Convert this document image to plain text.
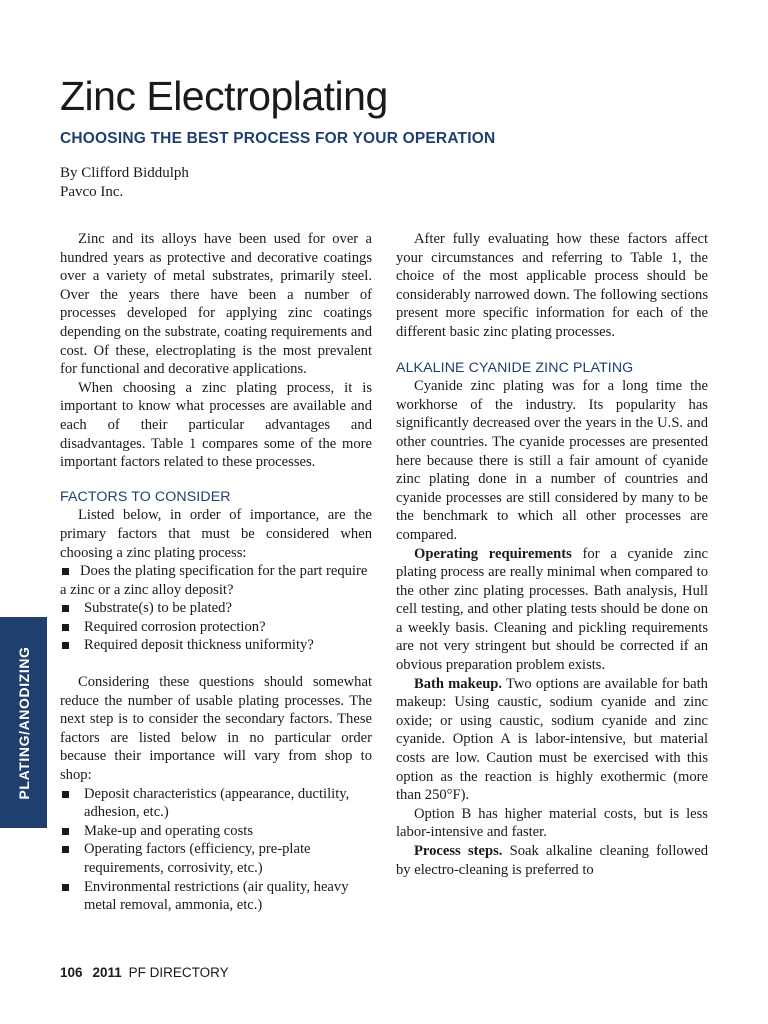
Zinc Electroplating
CHOOSING THE BEST PROCESS FOR YOUR OPERATION
By Clifford Biddulph
Pavco Inc.

Zinc and its alloys have been used for over a hundred years as protective and decorative coatings over a variety of metal substrates, primarily steel. Over the years there have been a number of processes developed for applying zinc coatings depending on the substrate, coating requirements and cost. Of these, electroplating is the most prevalent for functional and decorative applications.

When choosing a zinc plating process, it is important to know what processes are available and each of their particular advantages and disadvantages. Table 1 compares some of the more important factors related to these processes.

FACTORS TO CONSIDER

Listed below, in order of importance, are the primary factors that must be considered when choosing a zinc plating process:

Does the plating specification for the part require a zinc or a zinc alloy deposit?
Substrate(s) to be plated?
Required corrosion protection?
Required deposit thickness uniformity?

Considering these questions should somewhat reduce the number of usable plating processes. The next step is to consider the secondary factors. These factors are listed below in no particular order because their importance will vary from shop to shop:

Deposit characteristics (appearance, ductility, adhesion, etc.)
Make-up and operating costs
Operating factors (efficiency, pre-plate requirements, corrosivity, etc.)
Environmental restrictions (air quality, heavy metal removal, ammonia, etc.)

After fully evaluating how these factors affect your circumstances and referring to Table 1, the choice of the most applicable process should be considerably narrowed down. The following sections present more specific information for each of the different basic zinc plating processes.

ALKALINE CYANIDE ZINC PLATING

Cyanide zinc plating was for a long time the workhorse of the industry. Its popularity has significantly decreased over the years in the U.S. and other countries. The cyanide processes are presented here because there is still a fair amount of cyanide zinc plating done in a number of countries and cyanide processes are still considered by many to be the benchmark to which all other processes are compared.

Operating requirements for a cyanide zinc plating process are really minimal when compared to the other zinc plating processes. Bath analysis, Hull cell testing, and other plating tests should be done on a weekly basis. Cleaning and pickling requirements are not very stringent but should be corrected if an obvious preparation problem exists.

Bath makeup. Two options are available for bath makeup: Using caustic, sodium cyanide and zinc oxide; or using caustic, sodium cyanide and zinc cyanide. Option A is labor-intensive, but material costs are low. Caution must be exercised with this option as the reaction is highly exothermic (more than 250°F).

Option B has higher material costs, but is less labor-intensive and faster.

Process steps. Soak alkaline cleaning followed by electro-cleaning is preferred to

PLATING/ANODIZING
106 2011 PF DIRECTORY
